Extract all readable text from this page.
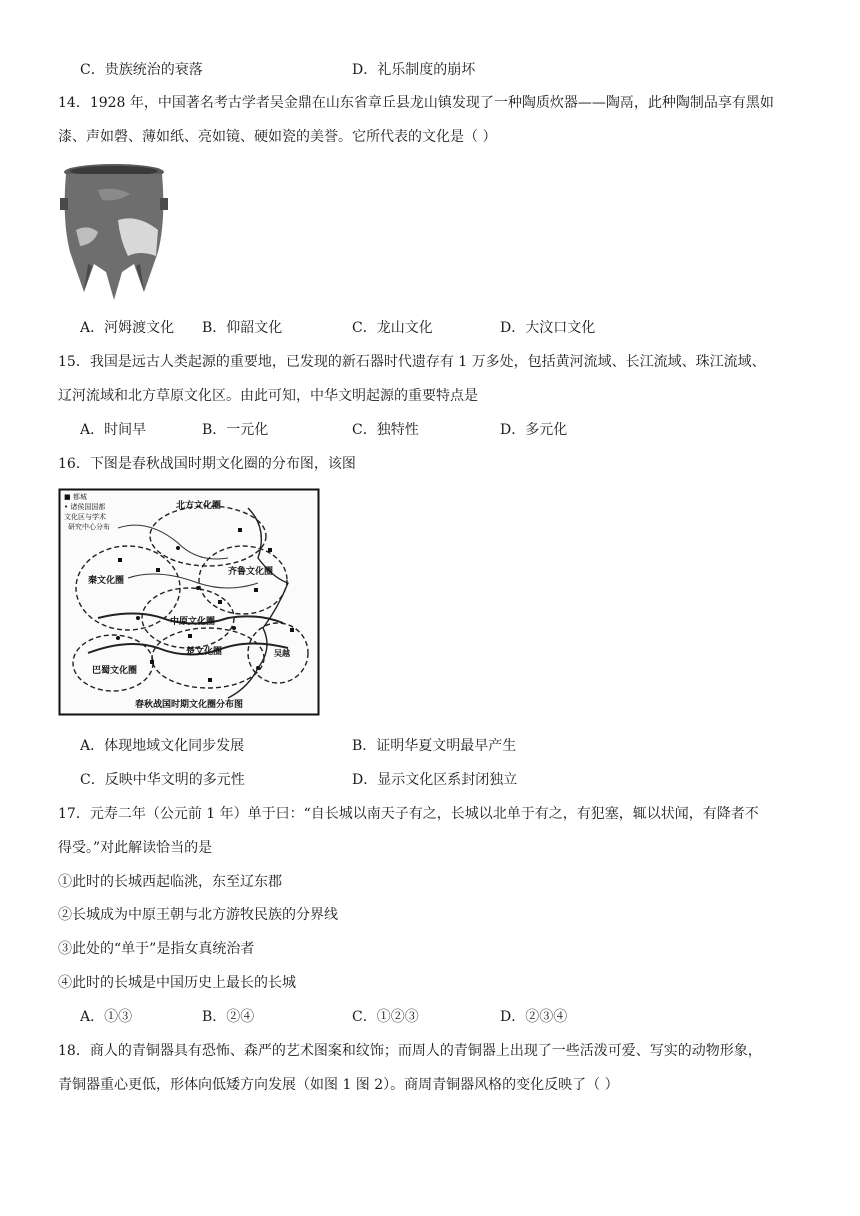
C．贵族统治的衰落	D．礼乐制度的崩坏
14．1928 年，中国著名考古学者吴金鼎在山东省章丘县龙山镇发现了一种陶质炊器——陶鬲，此种陶制品享有黑如
漆、声如磬、薄如纸、亮如镜、硬如瓷的美誉。它所代表的文化是（ ）
A．河姆渡文化 B．仰韶文化	C．龙山文化	D．大汶口文化
15．我国是远古人类起源的重要地，已发现的新石器时代遗存有 1 万多处，包括黄河流域、长江流域、珠江流域、
辽河流域和北方草原文化区。由此可知，中华文明起源的重要特点是
A．时间早	B．一元化	C．独特性	D．多元化
16．下图是春秋战国时期文化圈的分布图，该图
■ 都城
• 诸侯国国都
文化区与学术
研究中心分布
北方文化圈
秦文化圈
齐鲁文化圈
中原文化圈
楚文化圈
巴蜀文化圈
吴越
春秋战国时期文化圈分布图
A．体现地域文化同步发展	B．证明华夏文明最早产生
C．反映中华文明的多元性	D．显示文化区系封闭独立
17．元寿二年（公元前 1 年）单于曰：“自长城以南天子有之，长城以北单于有之，有犯塞，辄以状闻，有降者不
得受。”对此解读恰当的是
①此时的长城西起临洮，东至辽东郡
②长城成为中原王朝与北方游牧民族的分界线
③此处的“单于”是指女真统治者
④此时的长城是中国历史上最长的长城
A．①③	B．②④	C．①②③	D．②③④
18．商人的青铜器具有恐怖、森严的艺术图案和纹饰；而周人的青铜器上出现了一些活泼可爱、写实的动物形象，
青铜器重心更低，形体向低矮方向发展（如图 1 图 2）。商周青铜器风格的变化反映了（ ）
